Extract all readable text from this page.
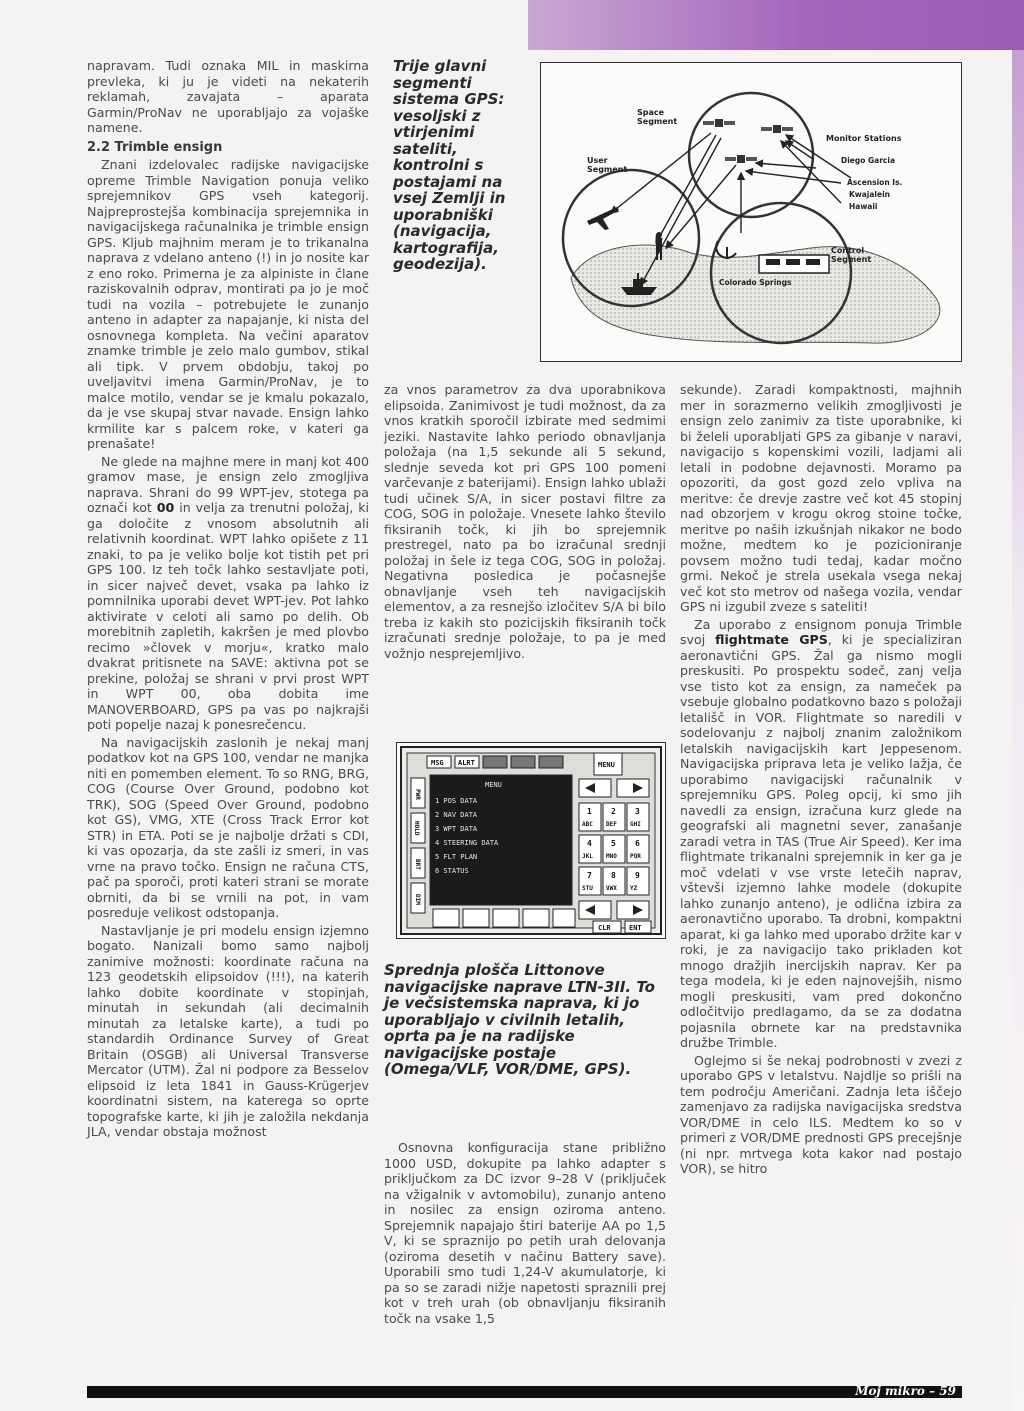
napravam. Tudi oznaka MIL in maskirna prevleka, ki ju je videti na nekaterih reklamah, zavajata – aparata Garmin/ProNav ne uporabljajo za vojaške namene.

2.2 Trimble ensign

Znani izdelovalec radijske navigacijske opreme Trimble Navigation ponuja veliko sprejemnikov GPS vseh kategorij. Najpreprostejša kombinacija sprejemnika in navigacijskega računalnika je trimble ensign GPS. Kljub majhnim meram je to trikanalna naprava z vdelano anteno (!) in jo nosite kar z eno roko. Primerna je za alpiniste in člane raziskovalnih odprav, montirati pa jo je moč tudi na vozila – potrebujete le zunanjo anteno in adapter za napajanje, ki nista del osnovnega kompleta. Na večini aparatov znamke trimble je zelo malo gumbov, stikal ali tipk. V prvem obdobju, takoj po uveljavitvi imena Garmin/ProNav, je to malce motilo, vendar se je kmalu pokazalo, da je vse skupaj stvar navade. Ensign lahko krmilite kar s palcem roke, v kateri ga prenašate!

Ne glede na majhne mere in manj kot 400 gramov mase, je ensign zelo zmogljiva naprava. Shrani do 99 WPT-jev, stotega pa označi kot 00 in velja za trenutni položaj, ki ga določite z vnosom absolutnih ali relativnih koordinat. WPT lahko opišete z 11 znaki, to pa je veliko bolje kot tistih pet pri GPS 100. Iz teh točk lahko sestavljate poti, in sicer največ devet, vsaka pa lahko iz pomnilnika uporabi devet WPT-jev. Pot lahko aktivirate v celoti ali samo po delih. Ob morebitnih zapletih, kakršen je med plovbo recimo »človek v morju«, kratko malo dvakrat pritisnete na SAVE: aktivna pot se prekine, položaj se shrani v prvi prost WPT in WPT 00, oba dobita ime MANOVERBOARD, GPS pa vas po najkrajši poti popelje nazaj k ponesrečencu.

Na navigacijskih zaslonih je nekaj manj podatkov kot na GPS 100, vendar ne manjka niti en pomemben element. To so RNG, BRG, COG (Course Over Ground, podobno kot TRK), SOG (Speed Over Ground, podobno kot GS), VMG, XTE (Cross Track Error kot STR) in ETA. Poti se je najbolje držati s CDI, ki vas opozarja, da ste zašli iz smeri, in vas vrne na pravo točko. Ensign ne računa CTS, pač pa sporoči, proti kateri strani se morate obrniti, da bi se vrnili na pot, in vam posreduje velikost odstopanja.

Nastavljanje je pri modelu ensign izjemno bogato. Nanizali bomo samo najbolj zanimive možnosti: koordinate računa na 123 geodetskih elipsoidov (!!!), na katerih lahko dobite koordinate v stopinjah, minutah in sekundah (ali decimalnih minutah za letalske karte), a tudi po standardih Ordinance Survey of Great Britain (OSGB) ali Universal Transverse Mercator (UTM). Žal ni podpore za Besselov elipsoid iz leta 1841 in Gauss-Krügerjev koordinatni sistem, na katerega so oprte topografske karte, ki jih je založila nekdanja JLA, vendar obstaja možnost

Trije glavni segmenti sistema GPS: vesoljski z vtirjenimi sateliti, kontrolni s postajami na vsej Zemlji in uporabniški (navigacija, kartografija, geodezija).
Space Segment
User Segment
Control Segment
Monitor Stations
Diego Garcia
Ascension Is.
Kwajalein
Hawaii
Colorado Springs

za vnos parametrov za dva uporabnikova elipsoida. Zanimivost je tudi možnost, da za vnos kratkih sporočil izbirate med sedmimi jeziki. Nastavite lahko periodo obnavljanja položaja (na 1,5 sekunde ali 5 sekund, slednje seveda kot pri GPS 100 pomeni varčevanje z baterijami). Ensign lahko ublaži tudi učinek S/A, in sicer postavi filtre za COG, SOG in položaje. Vnesete lahko število fiksiranih točk, ki jih bo sprejemnik prestregel, nato pa bo izračunal srednji položaj in šele iz tega COG, SOG in položaj. Negativna posledica je počasnejše obnavljanje vseh teh navigacijskih elementov, a za resnejšo izločitev S/A bi bilo treba iz kakih sto pozicijskih fiksiranih točk izračunati srednje položaje, to pa je med vožnjo nesprejemljivo.

MSG ALRT	MENU
PWR
HOLD
BRT
DIM
MENU
1 POS DATA
2 NAV DATA
3 WPT DATA
4 STEERING DATA
5 FLT PLAN
6 STATUS
1
ABC
2
DEF
3
GHI
4
JKL
5
MNO
6
PQR
7
STU
8
VWX
9
YZ
CLR	ENT
Sprednja plošča Littonove navigacijske naprave LTN-3II. To je večsistemska naprava, ki jo uporabljajo v civilnih letalih, oprta pa je na radijske navigacijske postaje (Omega/VLF, VOR/DME, GPS).

Osnovna konfiguracija stane približno 1000 USD, dokupite pa lahko adapter s priključkom za DC izvor 9–28 V (priključek na vžigalnik v avtomobilu), zunanjo anteno in nosilec za ensign oziroma anteno. Sprejemnik napajajo štiri baterije AA po 1,5 V, ki se spraznijo po petih urah delovanja (oziroma desetih v načinu Battery save). Uporabili smo tudi 1,24-V akumulatorje, ki pa so se zaradi nižje napetosti spraznili prej kot v treh urah (ob obnavljanju fiksiranih točk na vsake 1,5

sekunde). Zaradi kompaktnosti, majhnih mer in sorazmerno velikih zmogljivosti je ensign zelo zanimiv za tiste uporabnike, ki bi želeli uporabljati GPS za gibanje v naravi, navigacijo s kopenskimi vozili, ladjami ali letali in podobne dejavnosti. Moramo pa opozoriti, da gost gozd zelo vpliva na meritve: če drevje zastre več kot 45 stopinj nad obzorjem v krogu okrog stoine točke, meritve po naših izkušnjah nikakor ne bodo možne, medtem ko je pozicioniranje povsem možno tudi tedaj, kadar močno grmi. Nekoč je strela usekala vsega nekaj več kot sto metrov od našega vozila, vendar GPS ni izgubil zveze s sateliti!

Za uporabo z ensignom ponuja Trimble svoj flightmate GPS, ki je specializiran aeronavtični GPS. Žal ga nismo mogli preskusiti. Po prospektu sodeč, zanj velja vse tisto kot za ensign, za nameček pa vsebuje globalno podatkovno bazo s položaji letališč in VOR. Flightmate so naredili v sodelovanju z najbolj znanim založnikom letalskih navigacijskih kart Jeppesenom. Navigacijska priprava leta je veliko lažja, če uporabimo navigacijski računalnik v sprejemniku GPS. Poleg opcij, ki smo jih navedli za ensign, izračuna kurz glede na geografski ali magnetni sever, zanašanje zaradi vetra in TAS (True Air Speed). Ker ima flightmate trikanalni sprejemnik in ker ga je moč vdelati v vse vrste letečih naprav, vštevši izjemno lahke modele (dokupite lahko zunanjo anteno), je odlična izbira za aeronavtično uporabo. Ta drobni, kompaktni aparat, ki ga lahko med uporabo držite kar v roki, je za navigacijo tako prikladen kot mnogo dražjih inercijskih naprav. Ker pa tega modela, ki je eden najnovejših, nismo mogli preskusiti, vam pred dokončno odločitvijo predlagamo, da se za dodatna pojasnila obrnete kar na predstavnika družbe Trimble.

Oglejmo si še nekaj podrobnosti v zvezi z uporabo GPS v letalstvu. Najdlje so prišli na tem področju Američani. Zadnja leta iščejo zamenjavo za radijska navigacijska sredstva VOR/DME in celo ILS. Medtem ko so v primeri z VOR/DME prednosti GPS precejšnje (ni npr. mrtvega kota kakor nad postajo VOR), se hitro

Moj mikro – 59
